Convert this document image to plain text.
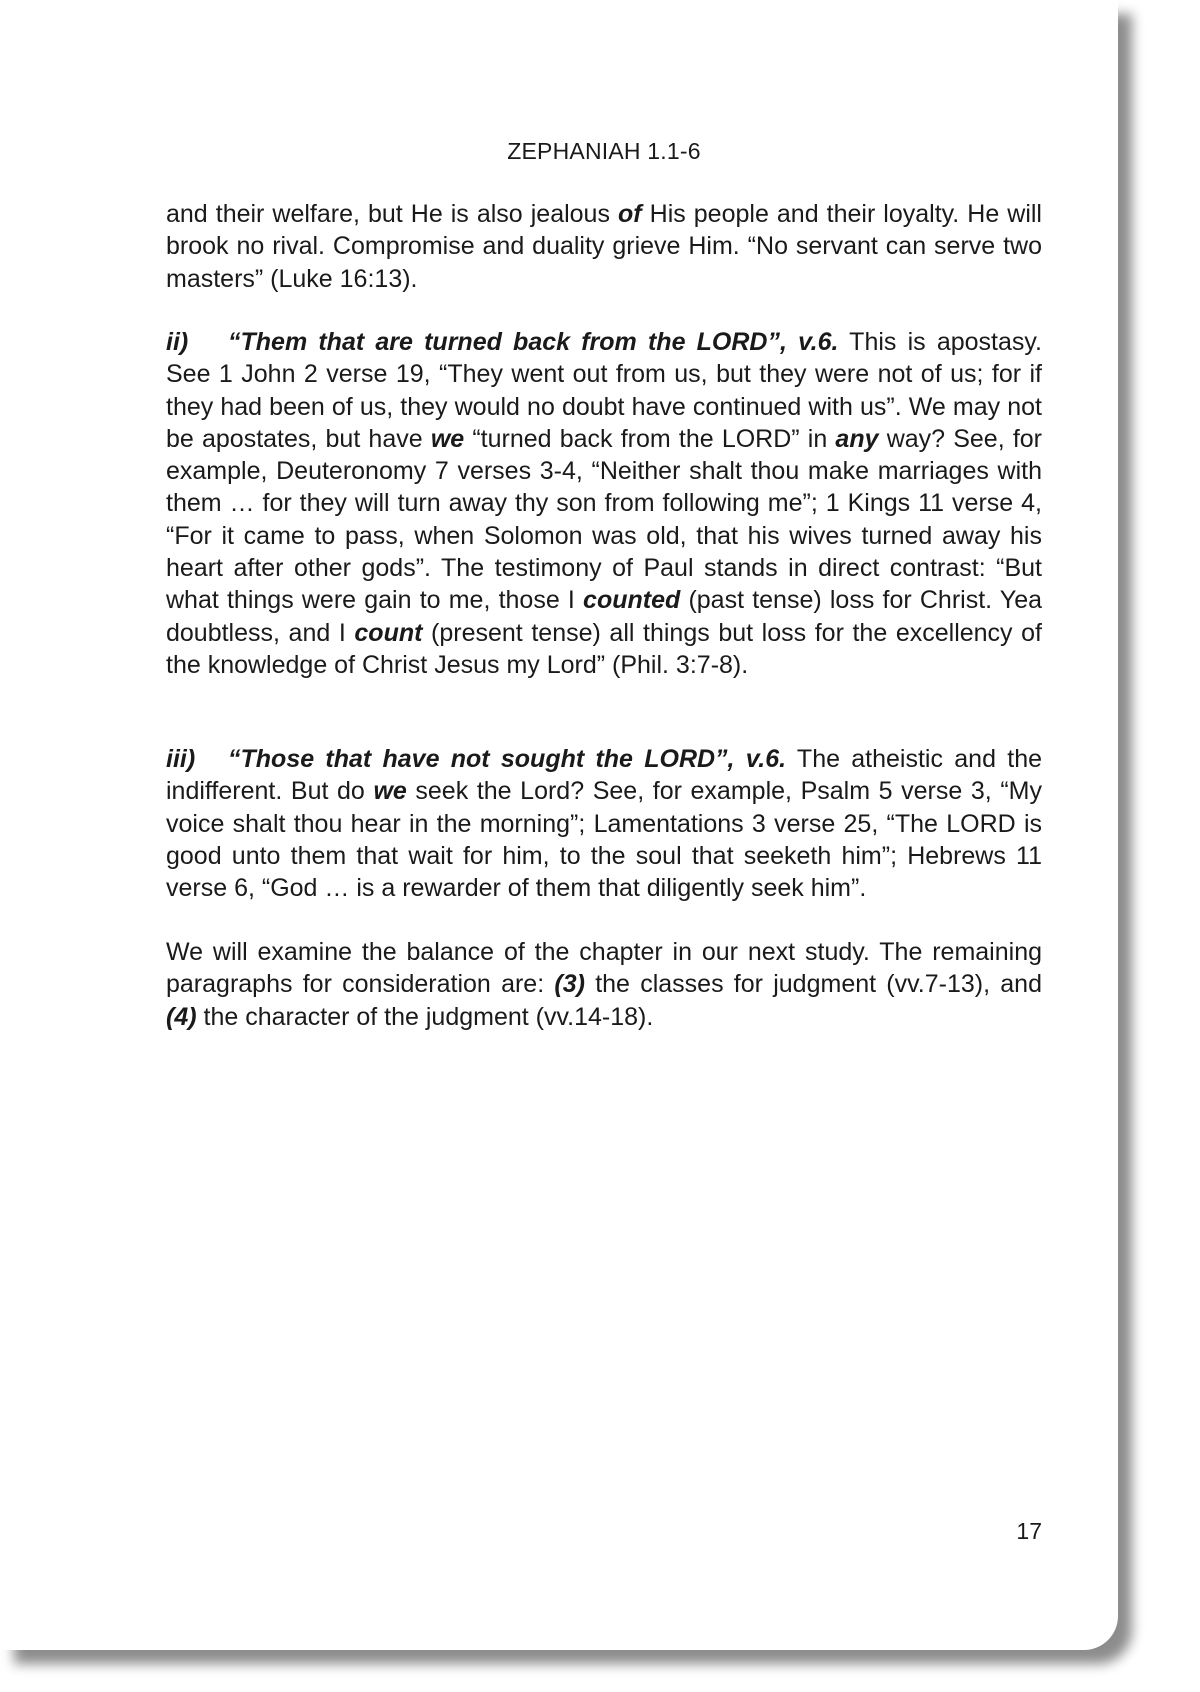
ZEPHANIAH 1.1-6

and their welfare, but He is also jealous of His people and their loyalty. He will brook no rival. Compromise and duality grieve Him. “No servant can serve two masters” (Luke 16:13).

ii) “Them that are turned back from the LORD”, v.6. This is apostasy. See 1 John 2 verse 19, “They went out from us, but they were not of us; for if they had been of us, they would no doubt have continued with us”. We may not be apostates, but have we “turned back from the LORD” in any way? See, for example, Deuteronomy 7 verses 3-4, “Neither shalt thou make marriages with them … for they will turn away thy son from following me”; 1 Kings 11 verse 4, “For it came to pass, when Solomon was old, that his wives turned away his heart after other gods”. The testimony of Paul stands in direct contrast: “But what things were gain to me, those I counted (past tense) loss for Christ. Yea doubtless, and I count (present tense) all things but loss for the excellency of the knowledge of Christ Jesus my Lord” (Phil. 3:7-8).

iii) “Those that have not sought the LORD”, v.6. The atheistic and the indifferent. But do we seek the Lord? See, for example, Psalm 5 verse 3, “My voice shalt thou hear in the morning”; Lamentations 3 verse 25, “The LORD is good unto them that wait for him, to the soul that seeketh him”; Hebrews 11 verse 6, “God … is a rewarder of them that diligently seek him”.

We will examine the balance of the chapter in our next study. The remaining paragraphs for consideration are: (3) the classes for judgment (vv.7-13), and (4) the character of the judgment (vv.14-18).

17
